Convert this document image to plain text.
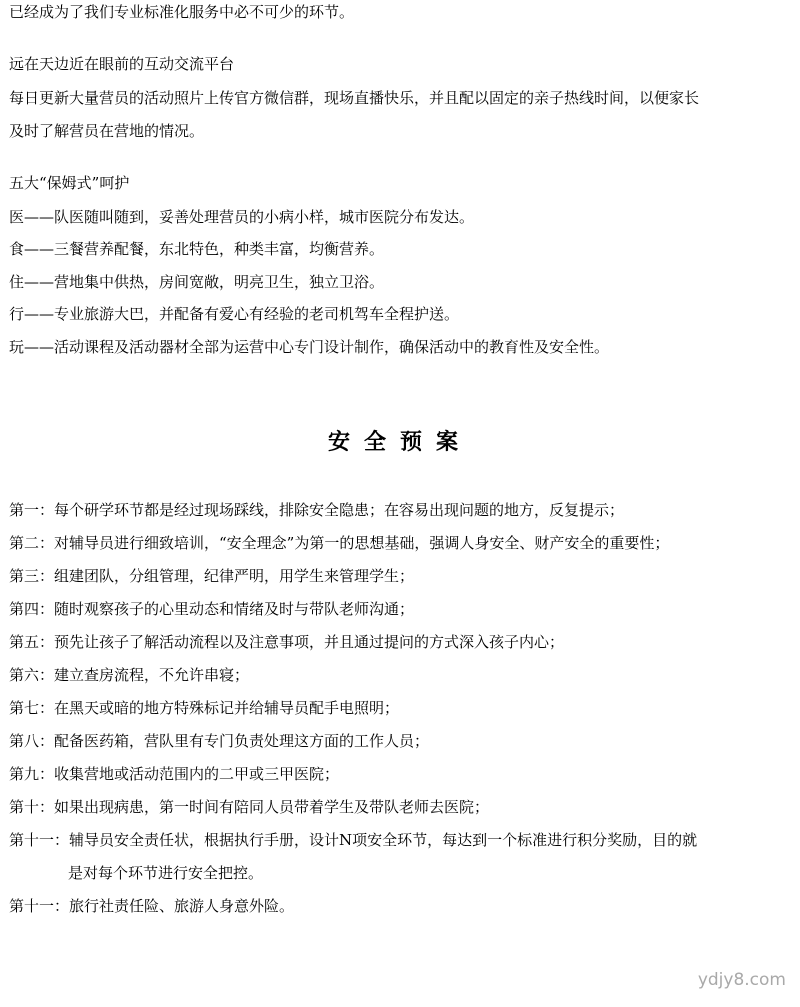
已经成为了我们专业标准化服务中必不可少的环节。

远在天边近在眼前的互动交流平台

每日更新大量营员的活动照片上传官方微信群，现场直播快乐，并且配以固定的亲子热线时间，以便家长

及时了解营员在营地的情况。

五大“保姆式”呵护

医——队医随叫随到，妥善处理营员的小病小样，城市医院分布发达。

食——三餐营养配餐，东北特色，种类丰富，均衡营养。

住——营地集中供热，房间宽敞，明亮卫生，独立卫浴。

行——专业旅游大巴，并配备有爱心有经验的老司机驾车全程护送。

玩——活动课程及活动器材全部为运营中心专门设计制作，确保活动中的教育性及安全性。

安全预案

第一：每个研学环节都是经过现场踩线，排除安全隐患；在容易出现问题的地方，反复提示；

第二：对辅导员进行细致培训，“安全理念”为第一的思想基础，强调人身安全、财产安全的重要性；

第三：组建团队，分组管理，纪律严明，用学生来管理学生；

第四：随时观察孩子的心里动态和情绪及时与带队老师沟通；

第五：预先让孩子了解活动流程以及注意事项，并且通过提问的方式深入孩子内心；

第六：建立查房流程，不允许串寝；

第七：在黑天或暗的地方特殊标记并给辅导员配手电照明；

第八：配备医药箱，营队里有专门负责处理这方面的工作人员；

第九：收集营地或活动范围内的二甲或三甲医院；

第十：如果出现病患，第一时间有陪同人员带着学生及带队老师去医院；

第十一：辅导员安全责任状，根据执行手册，设计N项安全环节，每达到一个标准进行积分奖励，目的就

是对每个环节进行安全把控。

第十一：旅行社责任险、旅游人身意外险。

ydjy8.com
